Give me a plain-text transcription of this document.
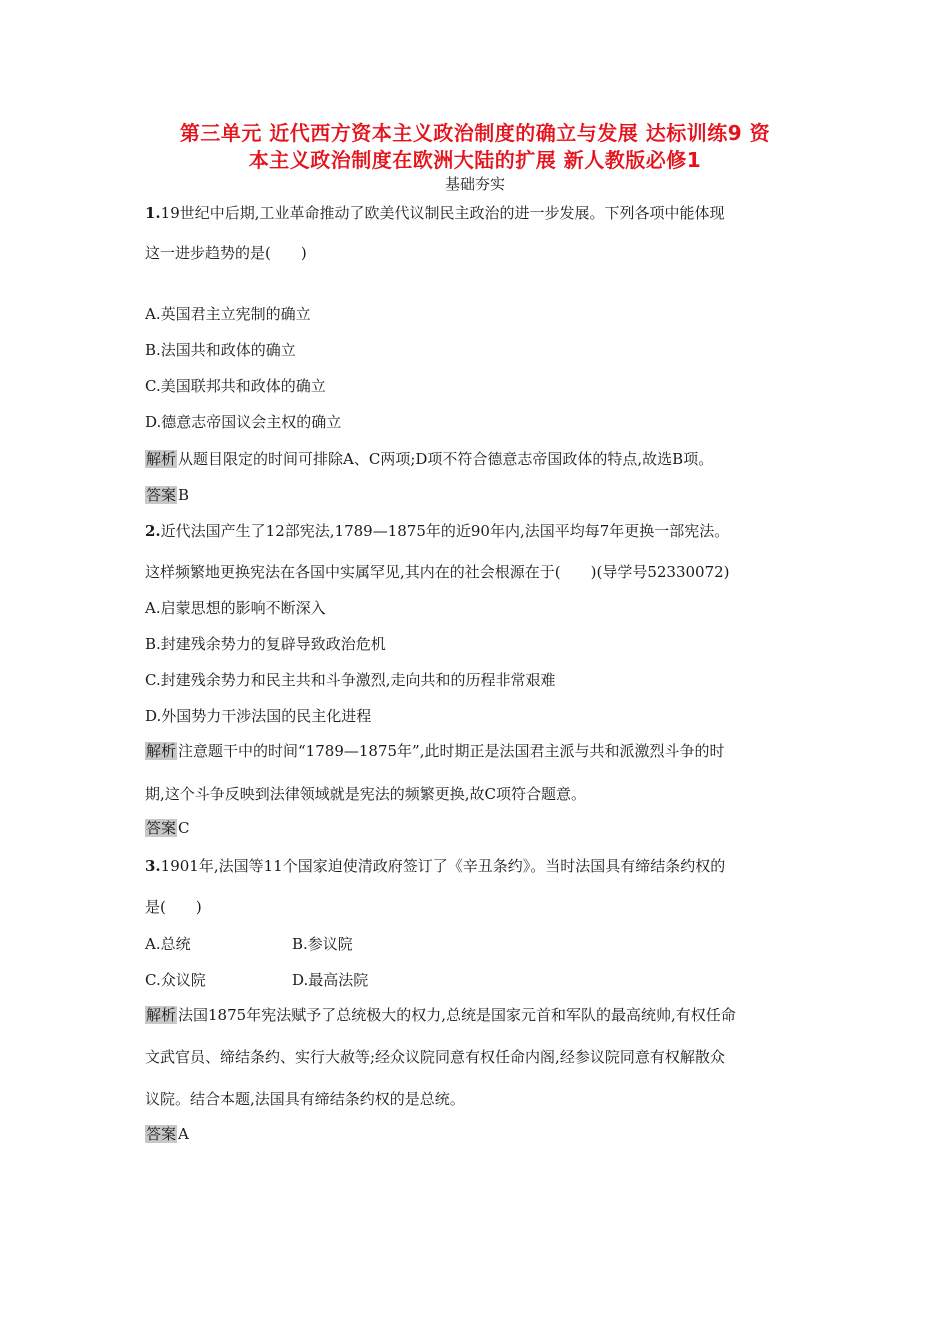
第三单元 近代西方资本主义政治制度的确立与发展 达标训练9 资
本主义政治制度在欧洲大陆的扩展 新人教版必修1
基础夯实
1.19世纪中后期,工业革命推动了欧美代议制民主政治的进一步发展。下列各项中能体现
这一进步趋势的是(　　)
A.英国君主立宪制的确立
B.法国共和政体的确立
C.美国联邦共和政体的确立
D.德意志帝国议会主权的确立
解析 从题目限定的时间可排除A、C两项;D项不符合德意志帝国政体的特点,故选B项。
答案 B
2.近代法国产生了12部宪法,1789—1875年的近90年内,法国平均每7年更换一部宪法。
这样频繁地更换宪法在各国中实属罕见,其内在的社会根源在于(　　)(导学号52330072)
A.启蒙思想的影响不断深入
B.封建残余势力的复辟导致政治危机
C.封建残余势力和民主共和斗争激烈,走向共和的历程非常艰难
D.外国势力干涉法国的民主化进程
解析 注意题干中的时间“1789—1875年”,此时期正是法国君主派与共和派激烈斗争的时
期,这个斗争反映到法律领域就是宪法的频繁更换,故C项符合题意。
答案 C
3.1901年,法国等11个国家迫使清政府签订了《辛丑条约》。当时法国具有缔结条约权的
是(　　)
A.总统	B.参议院
C.众议院	D.最高法院
解析 法国1875年宪法赋予了总统极大的权力,总统是国家元首和军队的最高统帅,有权任命
文武官员、缔结条约、实行大赦等;经众议院同意有权任命内阁,经参议院同意有权解散众
议院。结合本题,法国具有缔结条约权的是总统。
答案 A
